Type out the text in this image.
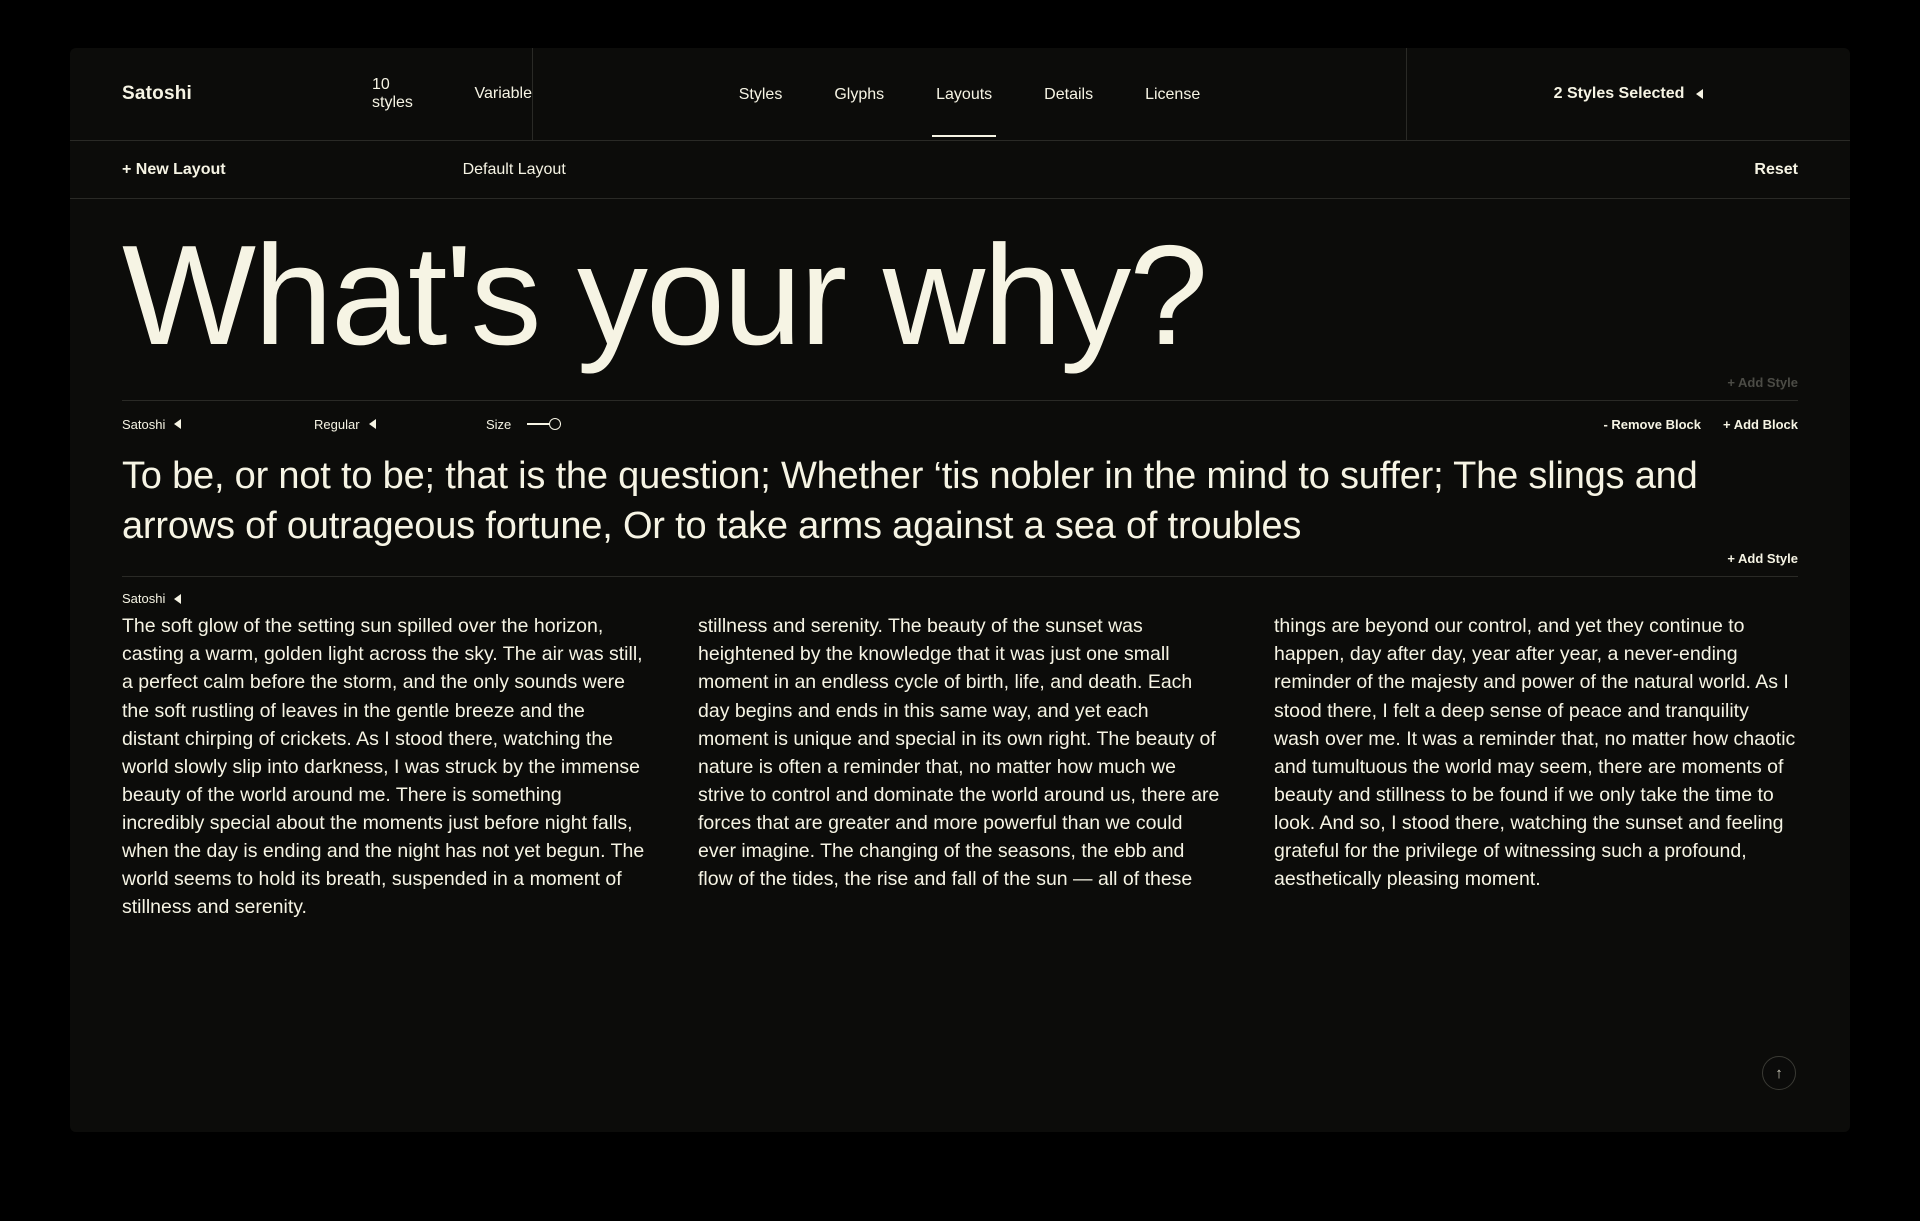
Satoshi	10 styles
Variable	Styles	Glyphs	Layouts	Details	License	2 Styles Selected
+ New Layout	Default Layout	Reset
What's your why?
+ Add Style
Satoshi	Regular	Size	- Remove Block + Add Block
To be, or not to be; that is the question; Whether ‘tis nobler in the mind to suffer; The slings and arrows of outrageous fortune, Or to take arms against a sea of troubles
+ Add Style
Satoshi
The soft glow of the setting sun spilled over the horizon, casting a warm, golden light across the sky. The air was still, a perfect calm before the storm, and the only sounds were the soft rustling of leaves in the gentle breeze and the distant chirping of crickets. As I stood there, watching the world slowly slip into darkness, I was struck by the immense beauty of the world around me. There is something incredibly special about the moments just before night falls, when the day is ending and the night has not yet begun. The world seems to hold its breath, suspended in a moment of stillness and serenity.
stillness and serenity. The beauty of the sunset was heightened by the knowledge that it was just one small moment in an endless cycle of birth, life, and death. Each day begins and ends in this same way, and yet each moment is unique and special in its own right. The beauty of nature is often a reminder that, no matter how much we strive to control and dominate the world around us, there are forces that are greater and more powerful than we could ever imagine. The changing of the seasons, the ebb and flow of the tides, the rise and fall of the sun — all of these
things are beyond our control, and yet they continue to happen, day after day, year after year, a never-ending reminder of the majesty and power of the natural world. As I stood there, I felt a deep sense of peace and tranquility wash over me. It was a reminder that, no matter how chaotic and tumultuous the world may seem, there are moments of beauty and stillness to be found if we only take the time to look. And so, I stood there, watching the sunset and feeling grateful for the privilege of witnessing such a profound, aesthetically pleasing moment.
↑
